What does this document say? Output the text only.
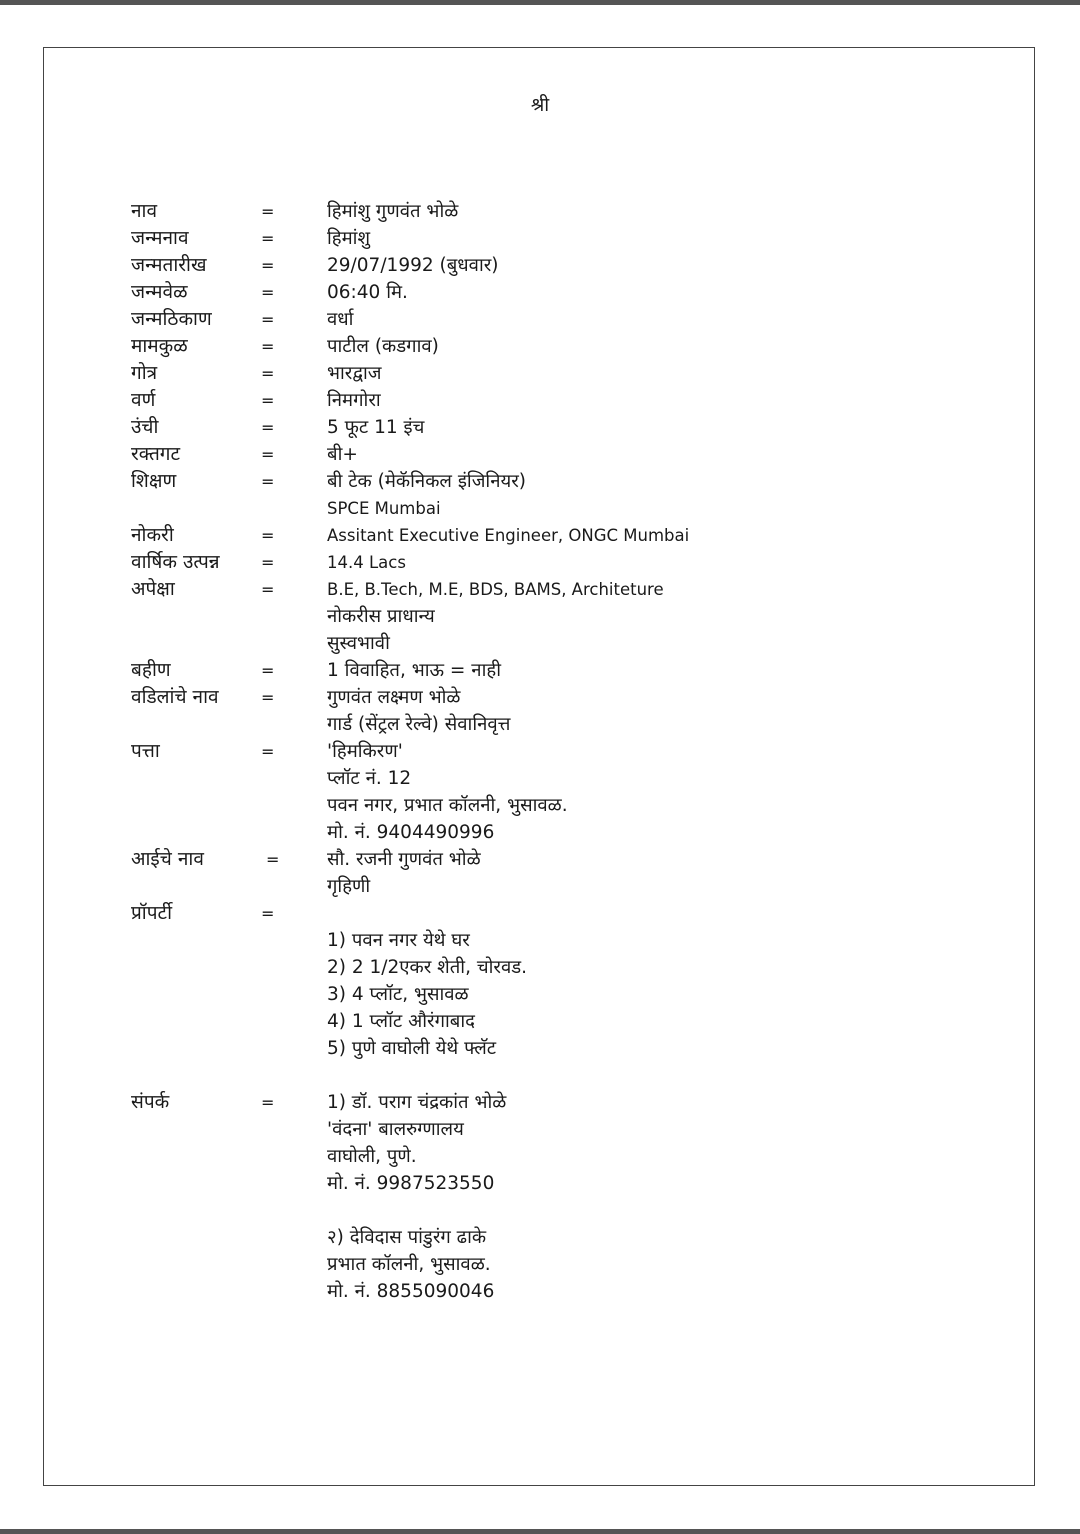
श्री
नाव	=	हिमांशु गुणवंत भोळे
जन्मनाव	=	हिमांशु
जन्मतारीख	=	29/07/1992 (बुधवार)
जन्मवेळ	=	06:40 मि.
जन्मठिकाण	=	वर्धा
मामकुळ	=	पाटील (कडगाव)
गोत्र	=	भारद्वाज
वर्ण	=	निमगोरा
उंची	=	5 फूट 11 इंच
रक्तगट	=	बी+
शिक्षण	=	बी टेक (मेकॅनिकल इंजिनियर)
SPCE Mumbai
नोकरी	=	Assitant Executive Engineer, ONGC Mumbai
वार्षिक उत्पन्न	=	14.4 Lacs
अपेक्षा	=	B.E, B.Tech, M.E, BDS, BAMS, Architeture
नोकरीस प्राधान्य
सुस्वभावी
बहीण	=	1 विवाहित, भाऊ = नाही
वडिलांचे नाव	=	गुणवंत लक्ष्मण भोळे
गार्ड (सेंट्रल रेल्वे) सेवानिवृत्त
पत्ता	=	'हिमकिरण'
प्लॉट नं. 12
पवन नगर, प्रभात कॉलनी, भुसावळ.
मो. नं. 9404490996
आईचे नाव	=	सौ. रजनी गुणवंत भोळे
गृहिणी
प्रॉपर्टी	=
1) पवन नगर येथे घर
2) 2 1/2एकर शेती, चोरवड.
3) 4 प्लॉट, भुसावळ
4) 1 प्लॉट औरंगाबाद
5) पुणे वाघोली येथे फ्लॅट
संपर्क	=	1) डॉ. पराग चंद्रकांत भोळे
'वंदना' बालरुग्णालय
वाघोली, पुणे.
मो. नं. 9987523550
२) देविदास पांडुरंग ढाके
प्रभात कॉलनी, भुसावळ.
मो. नं. 8855090046
